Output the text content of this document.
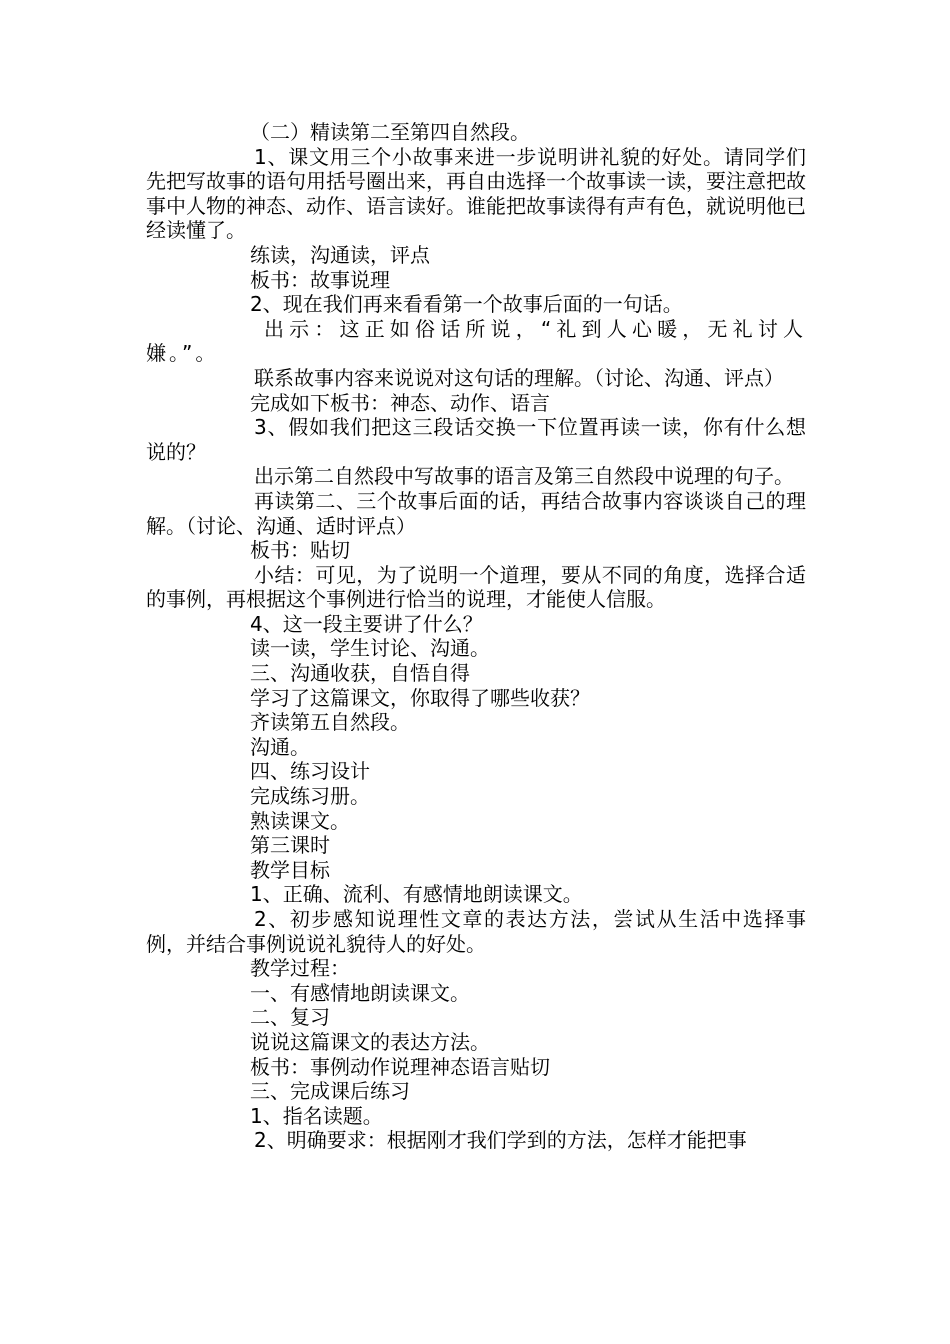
（二）精读第二至第四自然段。

1、课文用三个小故事来进一步说明讲礼貌的好处。请同学们先把写故事的语句用括号圈出来，再自由选择一个故事读一读，要注意把故事中人物的神态、动作、语言读好。谁能把故事读得有声有色，就说明他已经读懂了。

练读，沟通读，评点

板书：故事说理

2、现在我们再来看看第一个故事后面的一句话。

出示：这正如俗话所说，“礼到人心暖，无礼讨人嫌。”。

联系故事内容来说说对这句话的理解。（讨论、沟通、评点）

完成如下板书：神态、动作、语言

3、假如我们把这三段话交换一下位置再读一读，你有什么想说的？

出示第二自然段中写故事的语言及第三自然段中说理的句子。

再读第二、三个故事后面的话，再结合故事内容谈谈自己的理解。（讨论、沟通、适时评点）

板书：贴切

小结：可见，为了说明一个道理，要从不同的角度，选择合适的事例，再根据这个事例进行恰当的说理，才能使人信服。

4、这一段主要讲了什么？

读一读，学生讨论、沟通。

三、沟通收获，自悟自得

学习了这篇课文，你取得了哪些收获？

齐读第五自然段。

沟通。

四、练习设计

完成练习册。

熟读课文。

第三课时

教学目标

1、正确、流利、有感情地朗读课文。

2、初步感知说理性文章的表达方法，尝试从生活中选择事例，并结合事例说说礼貌待人的好处。

教学过程：

一、有感情地朗读课文。

二、复习

说说这篇课文的表达方法。

板书：事例动作说理神态语言贴切

三、完成课后练习

1、指名读题。

2、明确要求：根据刚才我们学到的方法，怎样才能把事
